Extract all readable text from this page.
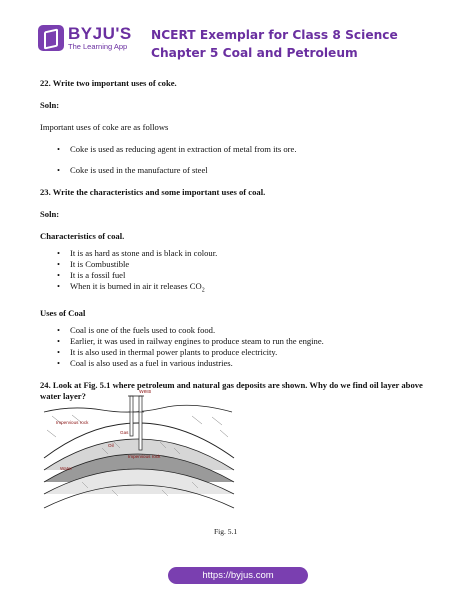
BYJU'S
The Learning App
NCERT Exemplar for Class 8 Science Chapter 5 Coal and Petroleum

22. Write two important uses of coke.

Soln:

Important uses of coke are as follows

• Coke is used as reducing agent in extraction of metal from its ore.
• Coke is used in the manufacture of steel

23. Write the characteristics and some important uses of coal.

Soln:

Characteristics of coal.

• It is as hard as stone and is black in colour.
• It is Combustible
• It is a fossil fuel
• When it is burned in air it releases $CO_2$

Uses of Coal

• Coal is one of the fuels used to cook food.
• Earlier, it was used in railway engines to produce steam to run the engine.
• It is also used in thermal power plants to produce electricity.
• Coal is also used as a fuel in various industries.

24. Look at Fig. 5.1 where petroleum and natural gas deposits are shown. Why do we find oil layer above water layer?	Wells
Impervious rock
Gas
Oil
Water
Impervious rock

Fig. 5.1

https://byjus.com
